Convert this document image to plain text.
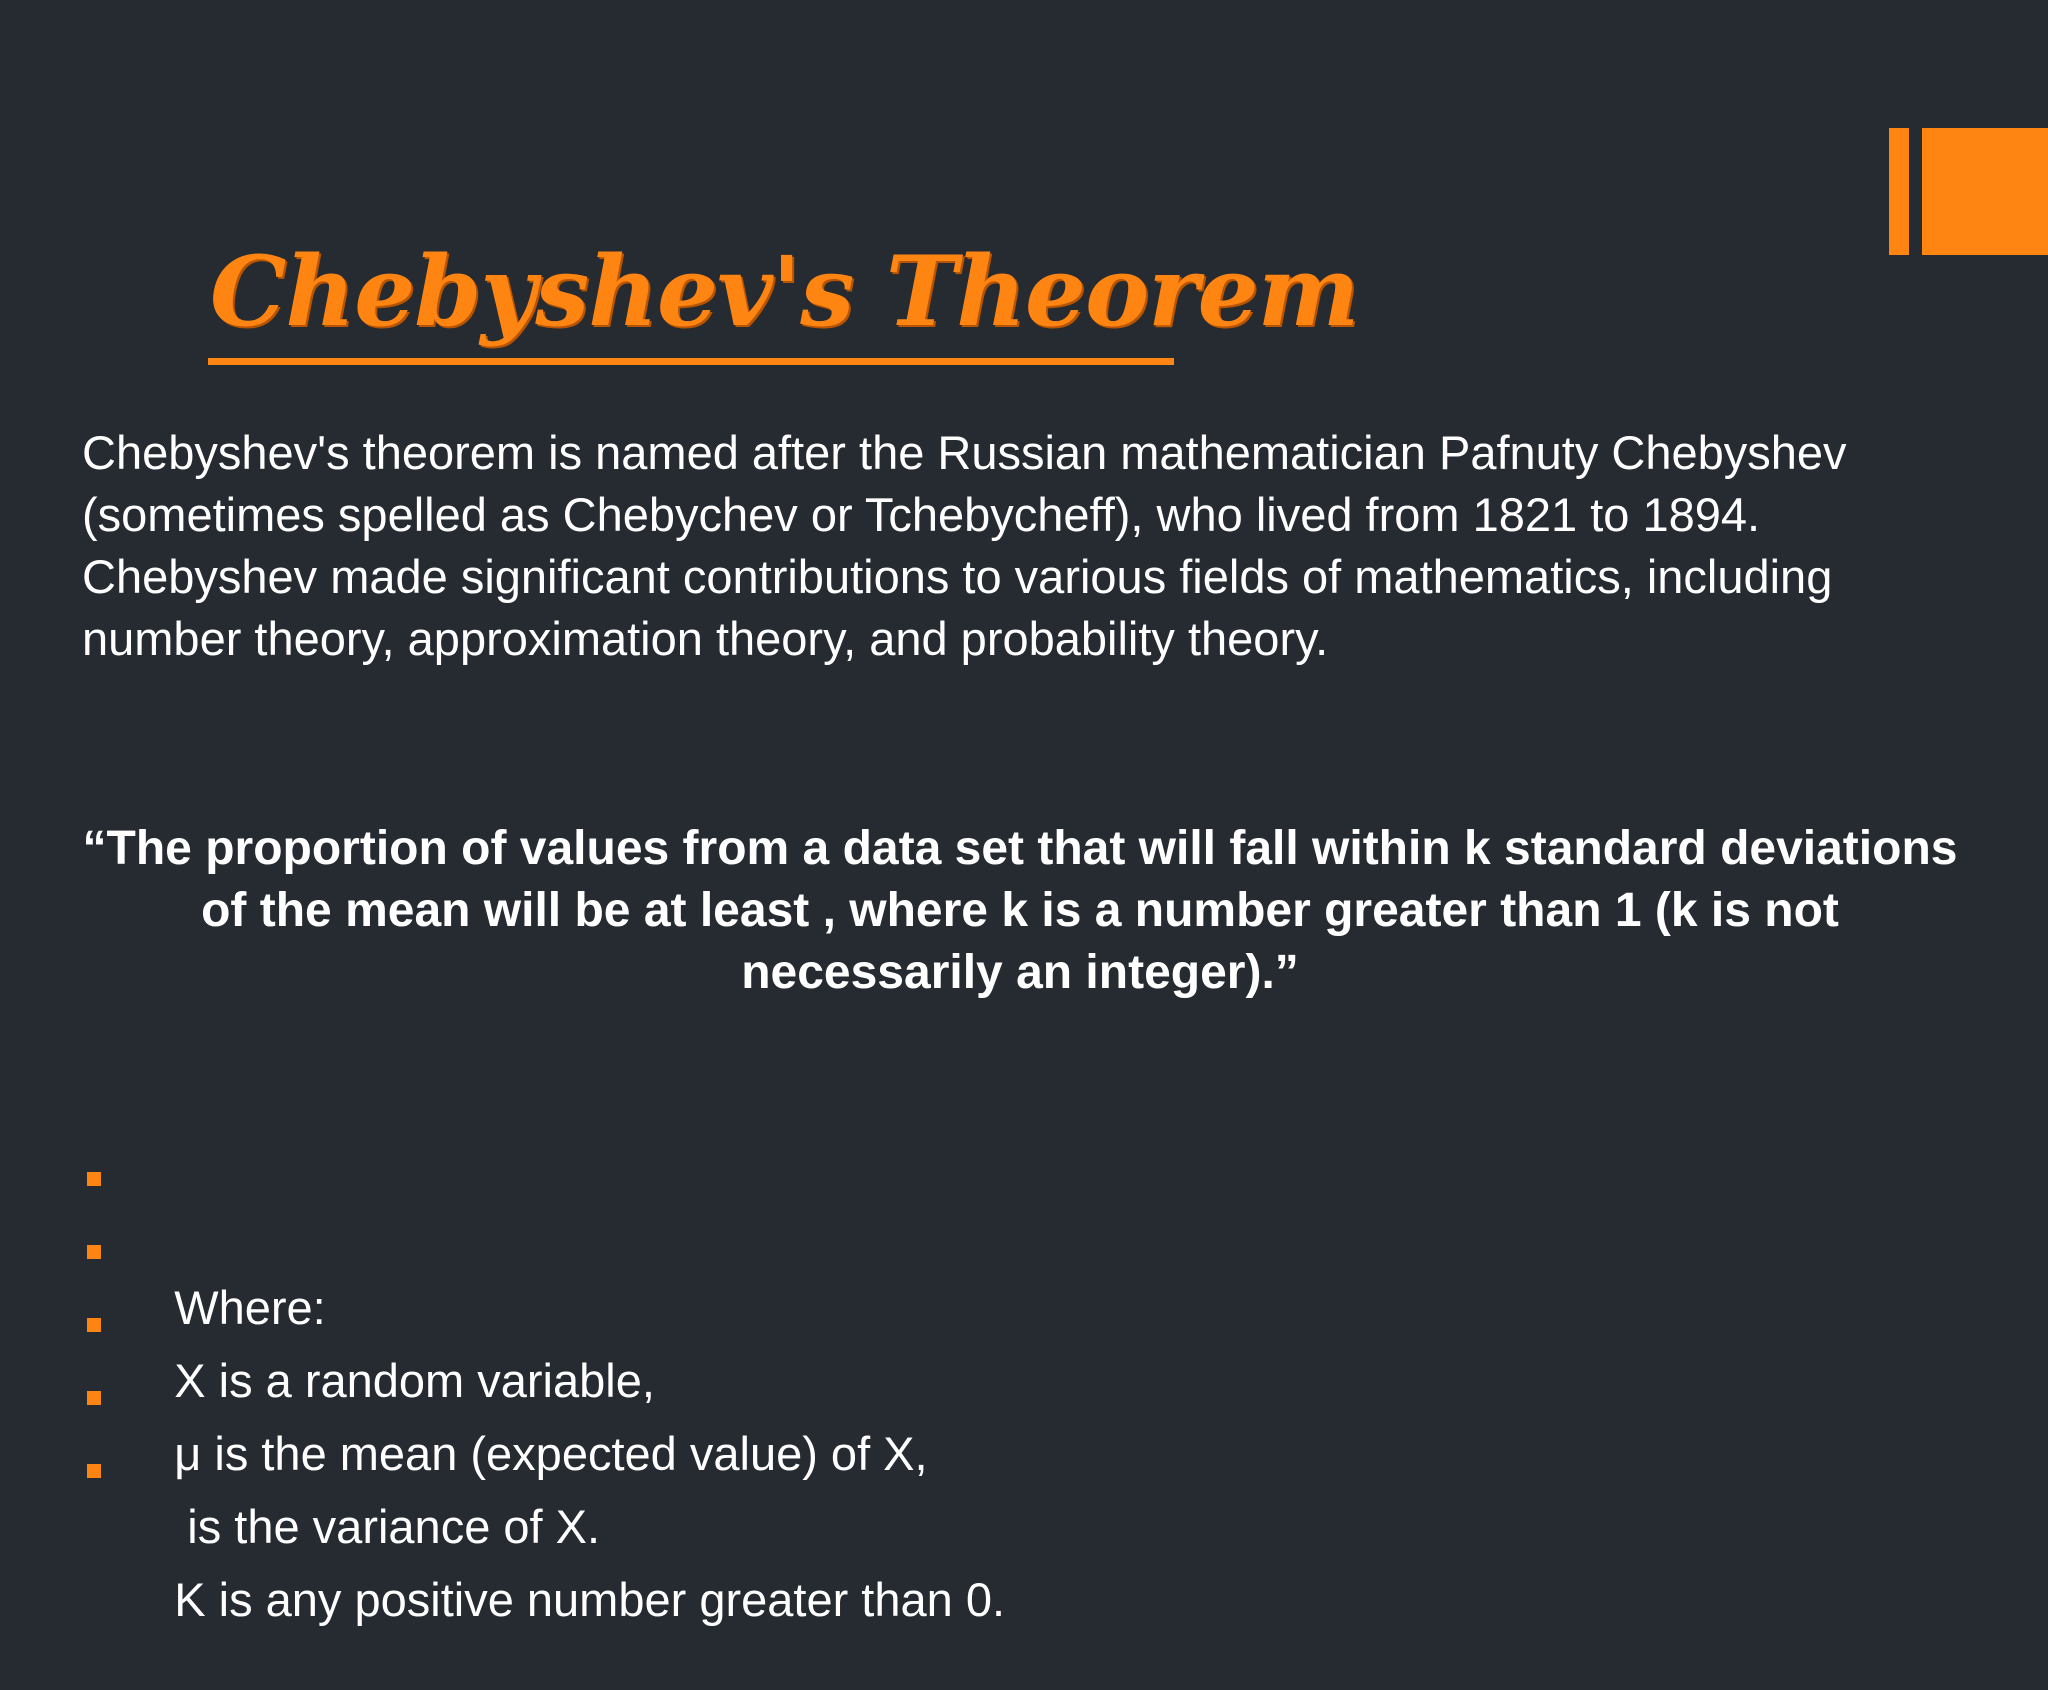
Chebyshev's Theorem

Chebyshev's theorem is named after the Russian mathematician Pafnuty Chebyshev (sometimes spelled as Chebychev or Tchebycheff), who lived from 1821 to 1894. Chebyshev made significant contributions to various fields of mathematics, including number theory, approximation theory, and probability theory.

“The proportion of values from a data set that will fall within k standard deviations of the mean will be at least , where k is a number greater than 1 (k is not necessarily an integer).”

Where:

X is a random variable,

μ is the mean (expected value) of X,

is the variance of X.

K is any positive number greater than 0.
